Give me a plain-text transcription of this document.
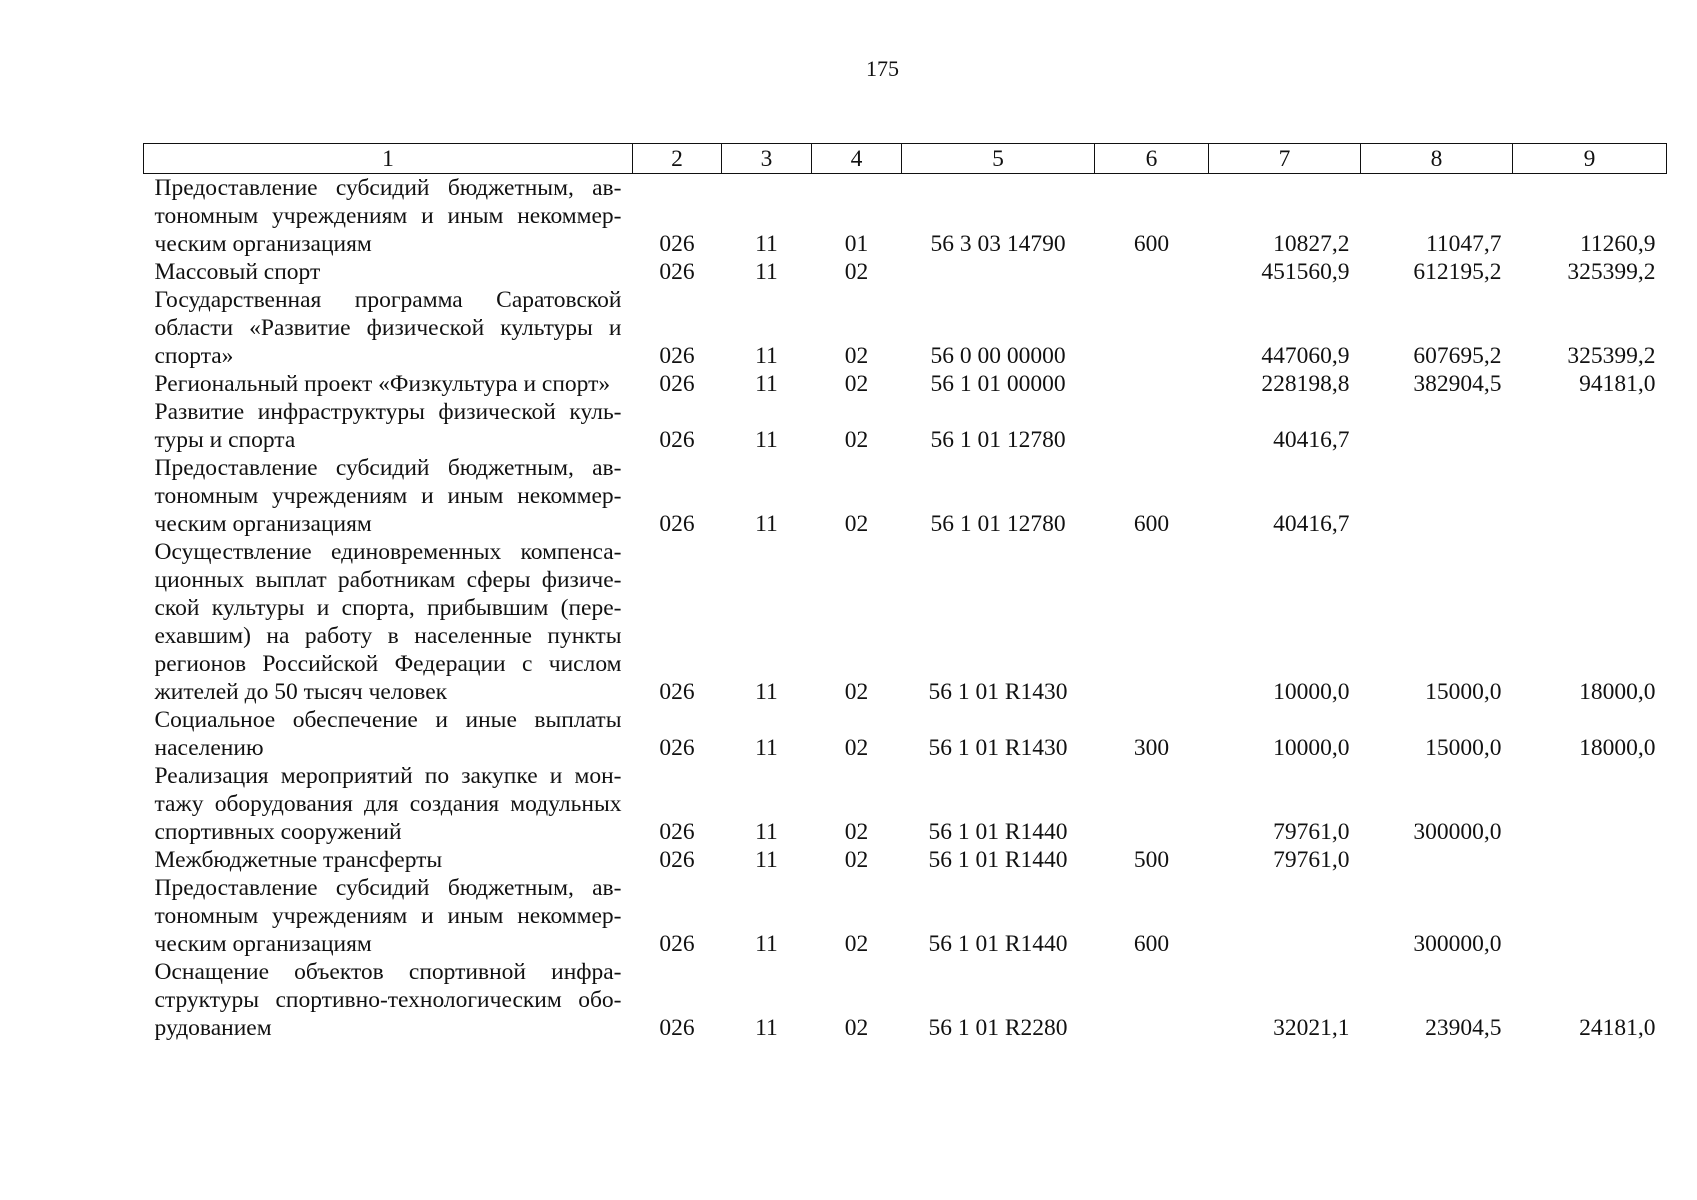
175
1	2	3	4	5	6	7	8	9
Предоставление субсидий бюджетным, автономным учреждениям и иным некоммерческим организациям	026	11	01	56 3 03 14790	600	10827,2	11047,7	11260,9
Массовый спорт	026	11	02			451560,9	612195,2	325399,2
Государственная программа Саратовской области «Развитие физической культуры и спорта»	026	11	02	56 0 00 00000		447060,9	607695,2	325399,2
Региональный проект «Физкультура и спорт»	026	11	02	56 1 01 00000		228198,8	382904,5	94181,0
Развитие инфраструктуры физической культуры и спорта	026	11	02	56 1 01 12780		40416,7		
Предоставление субсидий бюджетным, автономным учреждениям и иным некоммерческим организациям	026	11	02	56 1 01 12780	600	40416,7		
Осуществление единовременных компенсационных выплат работникам сферы физической культуры и спорта, прибывшим (переехавшим) на работу в населенные пункты регионов Российской Федерации с числом жителей до 50 тысяч человек	026	11	02	56 1 01 R1430		10000,0	15000,0	18000,0
Социальное обеспечение и иные выплаты населению	026	11	02	56 1 01 R1430	300	10000,0	15000,0	18000,0
Реализация мероприятий по закупке и монтажу оборудования для создания модульных спортивных сооружений	026	11	02	56 1 01 R1440		79761,0	300000,0	
Межбюджетные трансферты	026	11	02	56 1 01 R1440	500	79761,0		
Предоставление субсидий бюджетным, автономным учреждениям и иным некоммерческим организациям	026	11	02	56 1 01 R1440	600		300000,0	
Оснащение объектов спортивной инфраструктуры спортивно-технологическим оборудованием	026	11	02	56 1 01 R2280		32021,1	23904,5	24181,0
